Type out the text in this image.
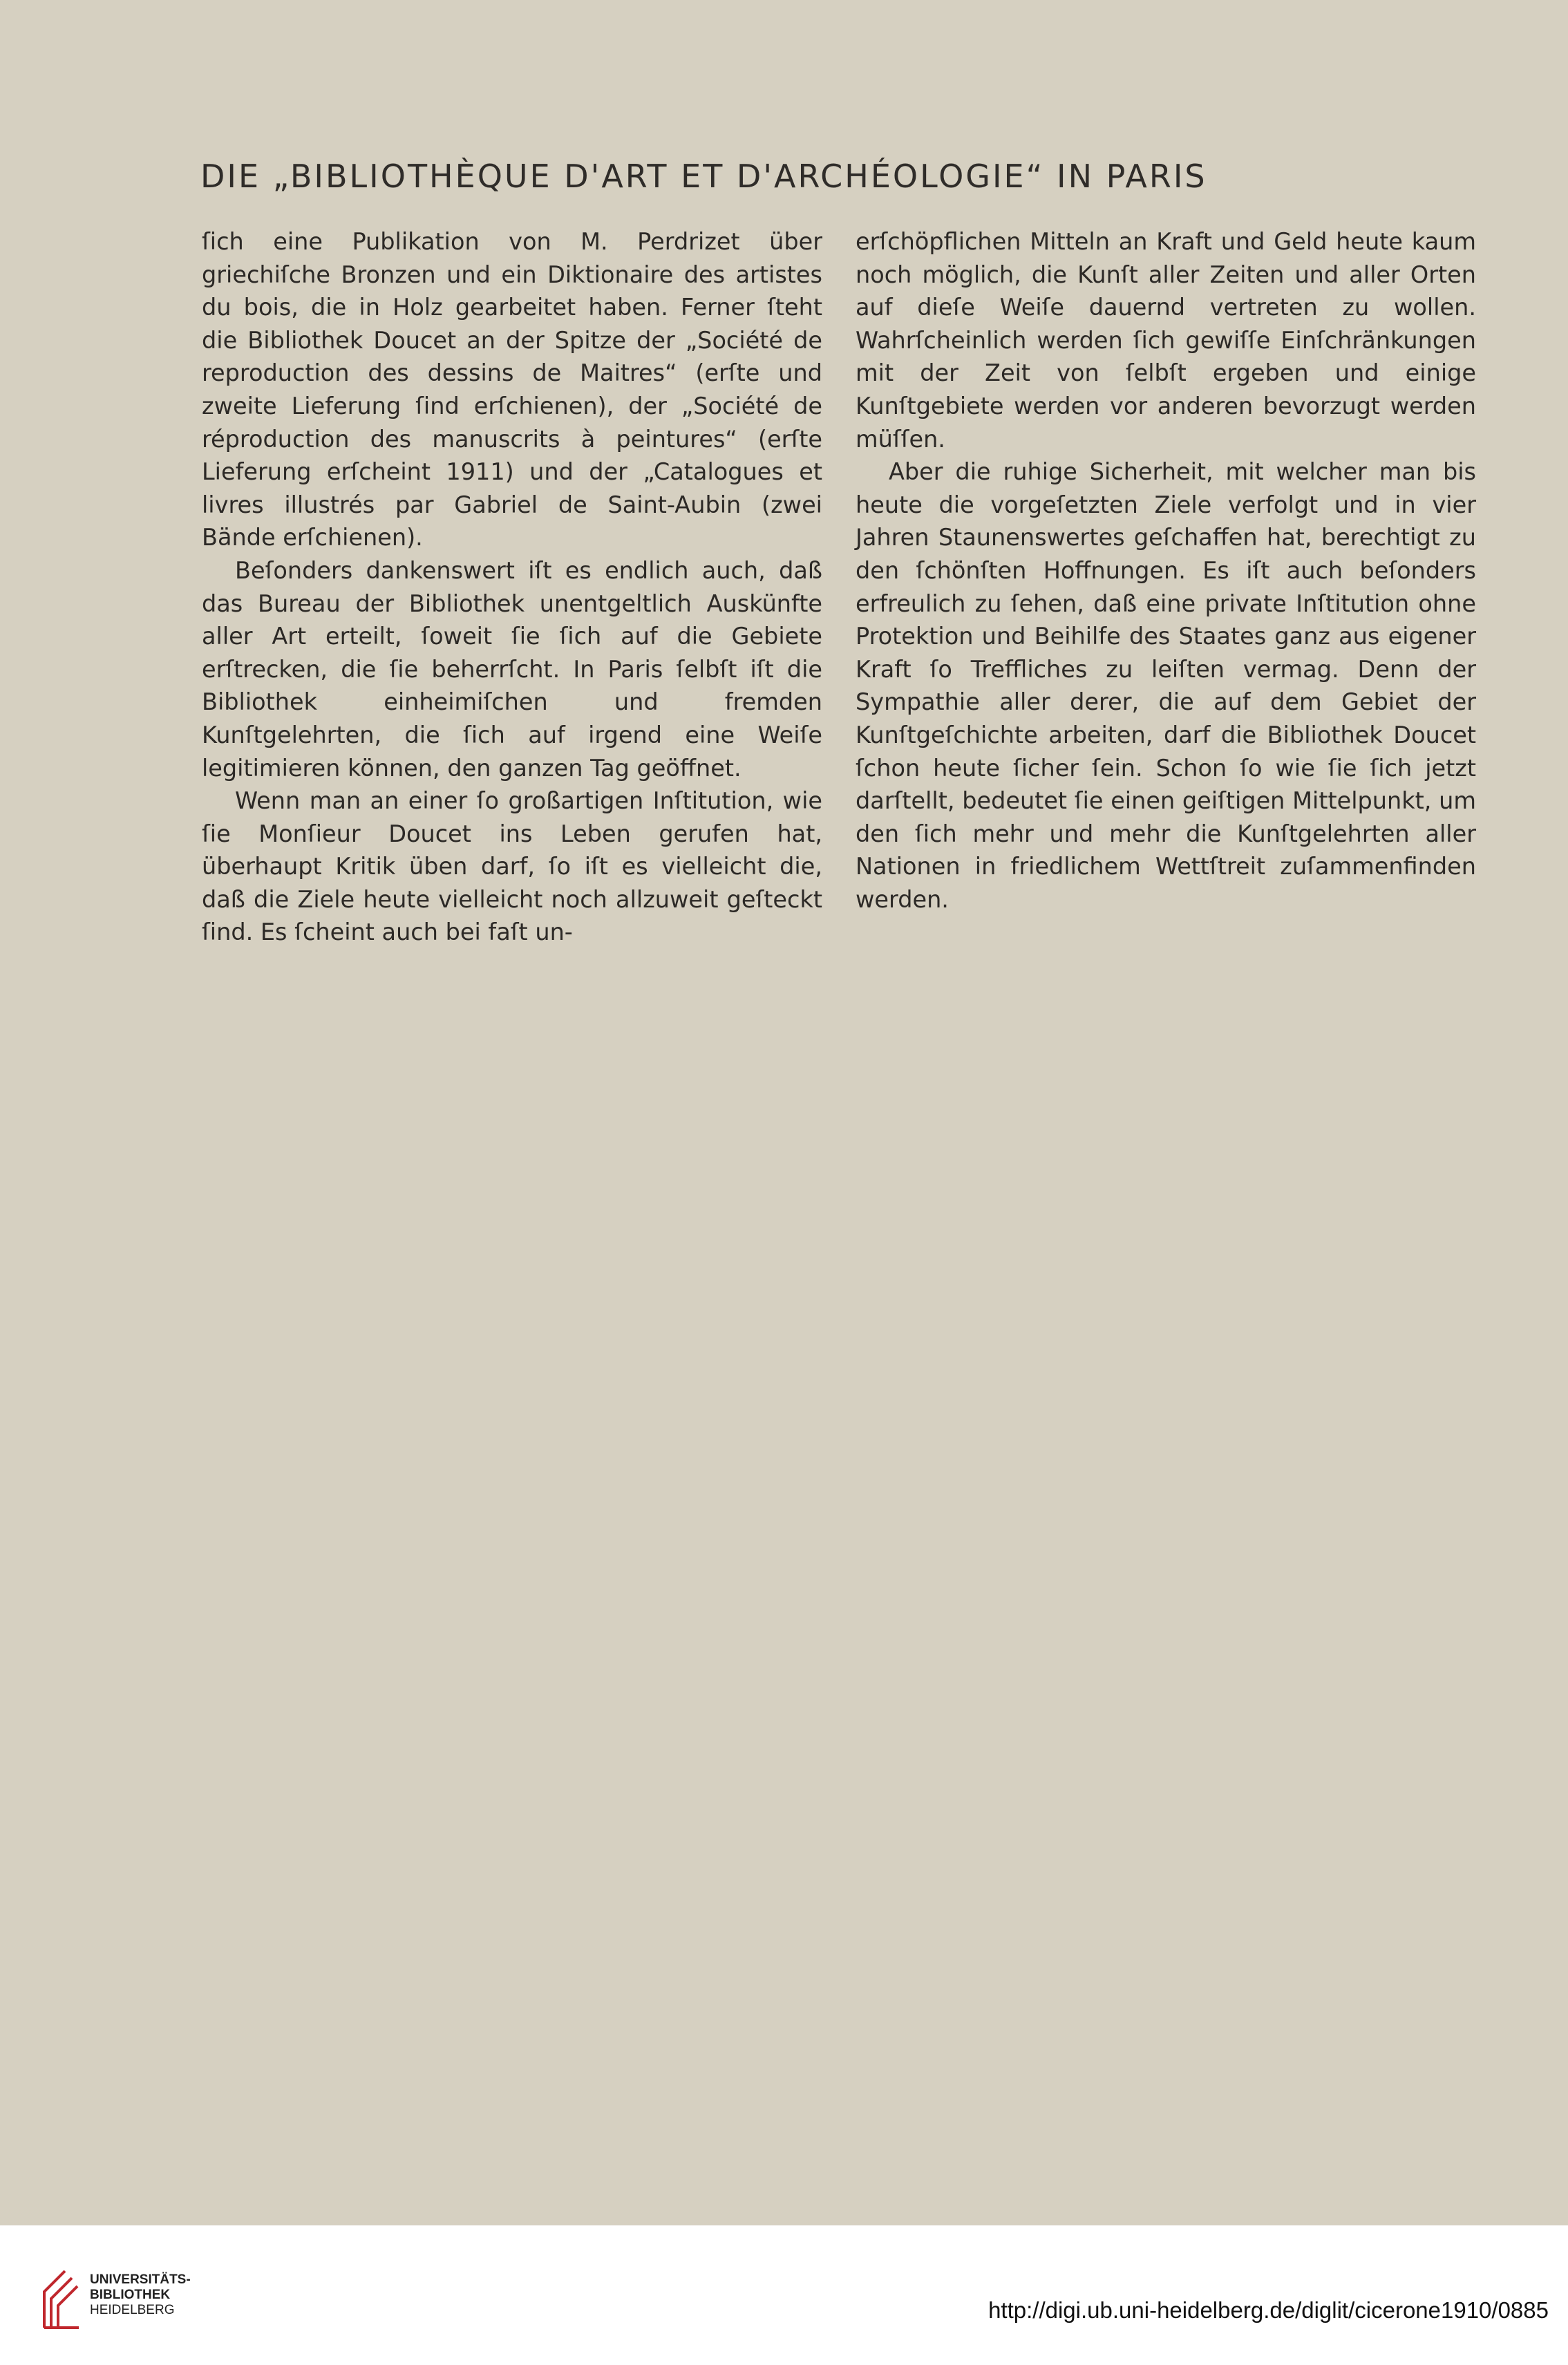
DIE „BIBLIOTHÈQUE D'ART ET D'ARCHÉOLOGIE“ IN PARIS

ſich eine Publikation von M. Perdrizet über griechiſche Bronzen und ein Diktionaire des artistes du bois, die in Holz gearbeitet haben. Ferner ſteht die Bibliothek Doucet an der Spitze der „Société de reproduction des dessins de Maitres“ (erſte und zweite Lieferung ſind erſchienen), der „Société de réproduction des manuscrits à peintures“ (erſte Lieferung erſcheint 1911) und der „Catalogues et livres illustrés par Gabriel de Saint-Aubin (zwei Bände erſchienen).

Beſonders dankenswert iſt es endlich auch, daß das Bureau der Bibliothek unentgeltlich Auskünfte aller Art erteilt, ſoweit ſie ſich auf die Gebiete erſtrecken, die ſie beherrſcht. In Paris ſelbſt iſt die Bibliothek einheimiſchen und fremden Kunſtgelehrten, die ſich auf irgend eine Weiſe legitimieren können, den ganzen Tag geöffnet.

Wenn man an einer ſo großartigen Inſtitution, wie ſie Monſieur Doucet ins Leben gerufen hat, überhaupt Kritik üben darf, ſo iſt es vielleicht die, daß die Ziele heute vielleicht noch allzuweit geſteckt ſind. Es ſcheint auch bei faſt un-

erſchöpflichen Mitteln an Kraft und Geld heute kaum noch möglich, die Kunſt aller Zeiten und aller Orten auf dieſe Weiſe dauernd vertreten zu wollen. Wahrſcheinlich werden ſich gewiſſe Einſchränkungen mit der Zeit von ſelbſt ergeben und einige Kunſtgebiete werden vor anderen bevorzugt werden müſſen.

Aber die ruhige Sicherheit, mit welcher man bis heute die vorgeſetzten Ziele verfolgt und in vier Jahren Staunenswertes geſchaffen hat, berechtigt zu den ſchönſten Hoffnungen. Es iſt auch beſonders erfreulich zu ſehen, daß eine private Inſtitution ohne Protektion und Beihilfe des Staates ganz aus eigener Kraft ſo Treffliches zu leiſten vermag. Denn der Sympathie aller derer, die auf dem Gebiet der Kunſtgeſchichte arbeiten, darf die Bibliothek Doucet ſchon heute ſicher ſein. Schon ſo wie ſie ſich jetzt darſtellt, bedeutet ſie einen geiſtigen Mittelpunkt, um den ſich mehr und mehr die Kunſtgelehrten aller Nationen in friedlichem Wettſtreit zuſammenfinden werden.

UNIVERSITÄTS-
BIBLIOTHEK
HEIDELBERG	http://digi.ub.uni-heidelberg.de/diglit/cicerone1910/0885
